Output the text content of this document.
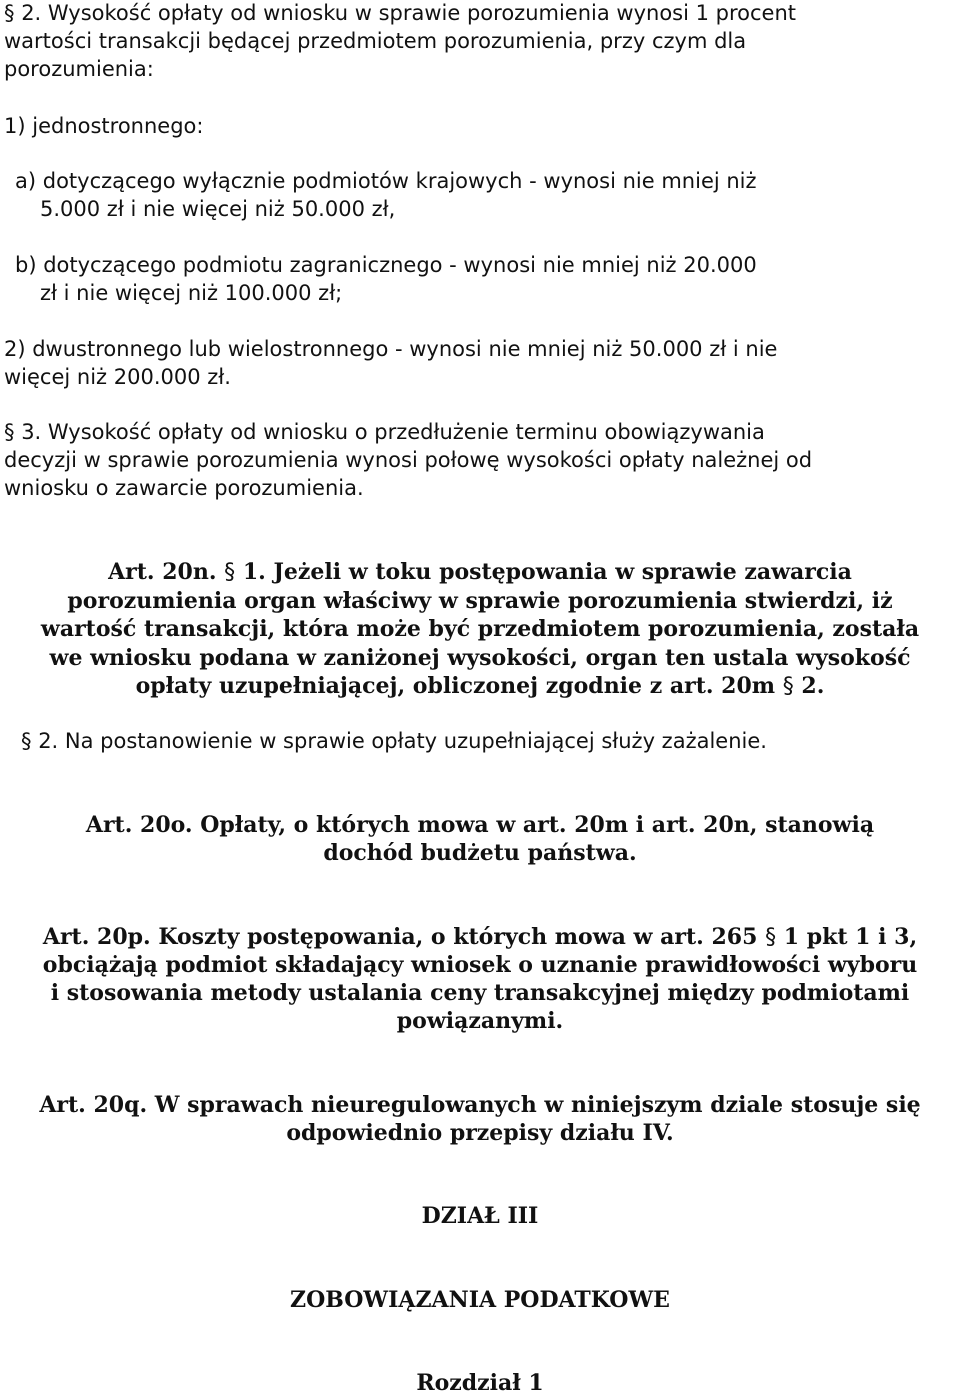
§ 2. Wysokość opłaty od wniosku w sprawie porozumienia wynosi 1 procent
wartości transakcji będącej przedmiotem porozumienia, przy czym dla
porozumienia:
1) jednostronnego:
a) dotyczącego wyłącznie podmiotów krajowych - wynosi nie mniej niż
5.000 zł i nie więcej niż 50.000 zł,
b) dotyczącego podmiotu zagranicznego - wynosi nie mniej niż 20.000
zł i nie więcej niż 100.000 zł;
2) dwustronnego lub wielostronnego - wynosi nie mniej niż 50.000 zł i nie
więcej niż 200.000 zł.
§ 3. Wysokość opłaty od wniosku o przedłużenie terminu obowiązywania
decyzji w sprawie porozumienia wynosi połowę wysokości opłaty należnej od
wniosku o zawarcie porozumienia.
Art. 20n. § 1. Jeżeli w toku postępowania w sprawie zawarcia
porozumienia organ właściwy w sprawie porozumienia stwierdzi, iż
wartość transakcji, która może być przedmiotem porozumienia, została
we wniosku podana w zaniżonej wysokości, organ ten ustala wysokość
opłaty uzupełniającej, obliczonej zgodnie z art. 20m § 2.
§ 2. Na postanowienie w sprawie opłaty uzupełniającej służy zażalenie.
Art. 20o. Opłaty, o których mowa w art. 20m i art. 20n, stanowią
dochód budżetu państwa.
Art. 20p. Koszty postępowania, o których mowa w art. 265 § 1 pkt 1 i 3,
obciążają podmiot składający wniosek o uznanie prawidłowości wyboru
i stosowania metody ustalania ceny transakcyjnej między podmiotami
powiązanymi.
Art. 20q. W sprawach nieuregulowanych w niniejszym dziale stosuje się
odpowiednio przepisy działu IV.
DZIAŁ III
ZOBOWIĄZANIA PODATKOWE
Rozdział 1
